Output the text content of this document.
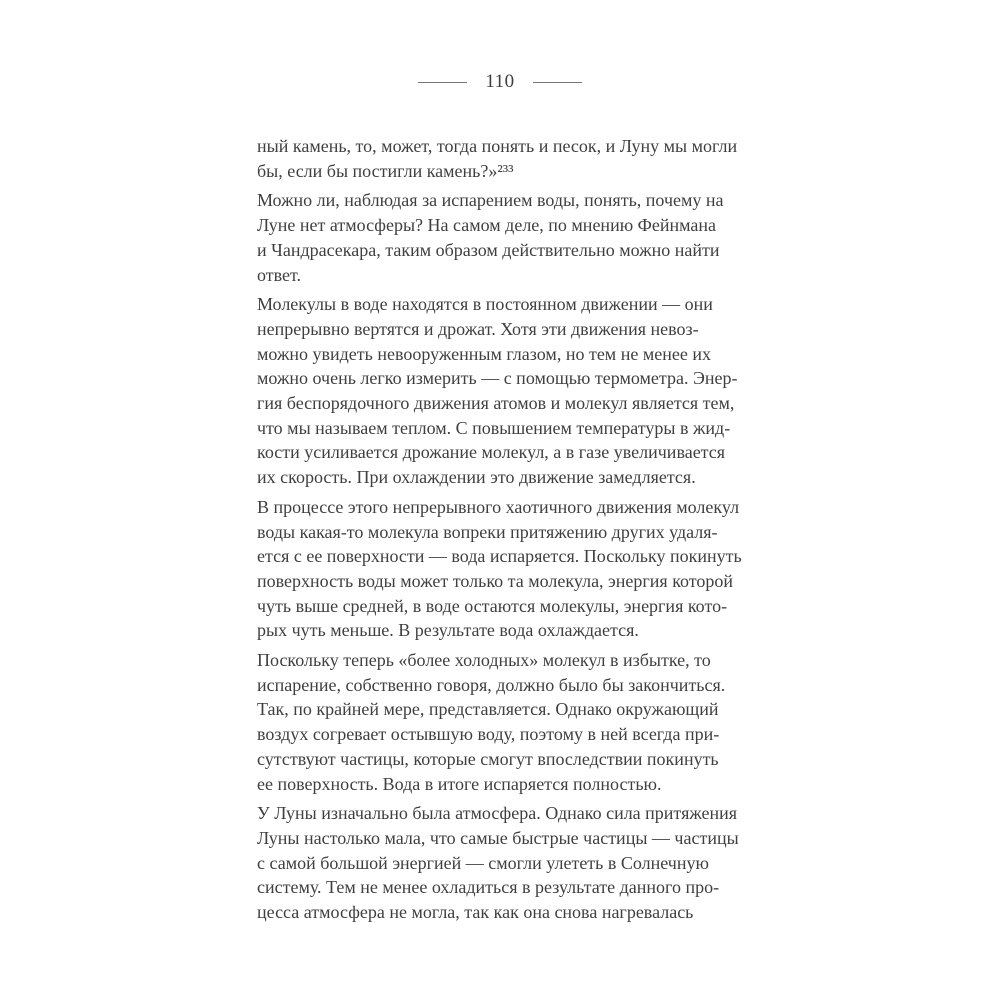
110
ный камень, то, может, тогда понять и песок, и Луну мы могли
бы, если бы постигли камень?»²³³
Можно ли, наблюдая за испарением воды, понять, почему на
Луне нет атмосферы? На самом деле, по мнению Фейнмана
и Чандрасекара, таким образом действительно можно найти
ответ.
Молекулы в воде находятся в постоянном движении — они
непрерывно вертятся и дрожат. Хотя эти движения невоз-
можно увидеть невооруженным глазом, но тем не менее их
можно очень легко измерить — с помощью термометра. Энер-
гия беспорядочного движения атомов и молекул является тем,
что мы называем теплом. С повышением температуры в жид-
кости усиливается дрожание молекул, а в газе увеличивается
их скорость. При охлаждении это движение замедляется.
В процессе этого непрерывного хаотичного движения молекул
воды какая-то молекула вопреки притяжению других удаля-
ется с ее поверхности — вода испаряется. Поскольку покинуть
поверхность воды может только та молекула, энергия которой
чуть выше средней, в воде остаются молекулы, энергия кото-
рых чуть меньше. В результате вода охлаждается.
Поскольку теперь «более холодных» молекул в избытке, то
испарение, собственно говоря, должно было бы закончиться.
Так, по крайней мере, представляется. Однако окружающий
воздух согревает остывшую воду, поэтому в ней всегда при-
сутствуют частицы, которые смогут впоследствии покинуть
ее поверхность. Вода в итоге испаряется полностью.
У Луны изначально была атмосфера. Однако сила притяжения
Луны настолько мала, что самые быстрые частицы — частицы
с самой большой энергией — смогли улететь в Солнечную
систему. Тем не менее охладиться в результате данного про-
цесса атмосфера не могла, так как она снова нагревалась
